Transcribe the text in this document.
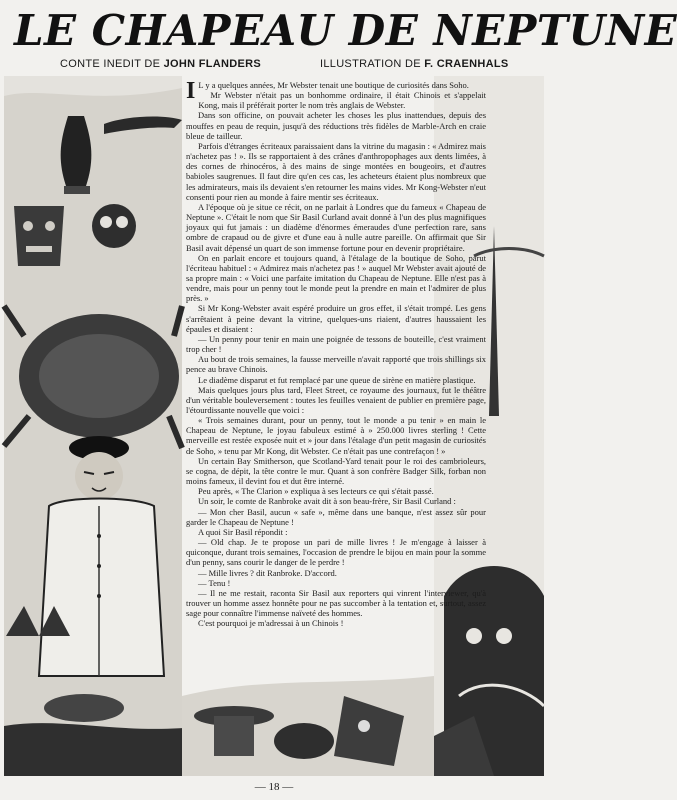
LE CHAPEAU DE NEPTUNE
CONTE INEDIT DE JOHN FLANDERS	ILLUSTRATION DE F. CRAENHALS

I L y a quelques années, Mr Webster tenait une boutique de curiosités dans Soho.

Mr Webster n'était pas un bonhomme ordinaire, il était Chinois et s'appelait Kong, mais il préférait porter le nom très anglais de Webster.

Dans son officine, on pouvait acheter les choses les plus inattendues, depuis des mouffes en peau de requin, jusqu'à des réductions très fidèles de Marble-Arch en craie bleue de tailleur.

Parfois d'étranges écriteaux paraissaient dans la vitrine du magasin : « Admirez mais n'achetez pas ! ». Ils se rapportaient à des crânes d'anthropophages aux dents limées, à des cornes de rhinocéros, à des mains de singe montées en bougeoirs, et d'autres babioles saugrenues. Il faut dire qu'en ces cas, les acheteurs étaient plus nombreux que les admirateurs, mais ils devaient s'en retourner les mains vides. Mr Kong-Webster n'eut consenti pour rien au monde à faire mentir ses écriteaux.

A l'époque où je situe ce récit, on ne parlait à Londres que du fameux « Chapeau de Neptune ». C'était le nom que Sir Basil Curland avait donné à l'un des plus magnifiques joyaux qui fut jamais : un diadème d'énormes émeraudes d'une perfection rare, sans ombre de crapaud ou de givre et d'une eau à nulle autre pareille. On affirmait que Sir Basil avait dépensé un quart de son immense fortune pour en devenir propriétaire.

On en parlait encore et toujours quand, à l'étalage de la boutique de Soho, parut l'écriteau habituel : « Admirez mais n'achetez pas ! » auquel Mr Webster avait ajouté de sa propre main : « Voici une parfaite imitation du Chapeau de Neptune. Elle n'est pas à vendre, mais pour un penny tout le monde peut la prendre en main et l'admirer de plus près. »

Si Mr Kong-Webster avait espéré produire un gros effet, il s'était trompé. Les gens s'arrêtaient à peine devant la vitrine, quelques-uns riaient, d'autres haussaient les épaules et disaient :

— Un penny pour tenir en main une poignée de tessons de bouteille, c'est vraiment trop cher !

Au bout de trois semaines, la fausse merveille n'avait rapporté que trois shillings six pence au brave Chinois.

Le diadème disparut et fut remplacé par une queue de sirène en matière plastique.

Mais quelques jours plus tard, Fleet Street, ce royaume des journaux, fut le théâtre d'un véritable bouleversement : toutes les feuilles venaient de publier en première page, l'étourdissante nouvelle que voici :

« Trois semaines durant, pour un penny, tout le monde a pu tenir » en main le Chapeau de Neptune, le joyau fabuleux estimé à » 250.000 livres sterling ! Cette merveille est restée exposée nuit et » jour dans l'étalage d'un petit magasin de curiosités de Soho, » tenu par Mr Kong, dit Webster. Ce n'était pas une contrefaçon ! »

Un certain Bay Smitherson, que Scotland-Yard tenait pour le roi des cambrioleurs, se cogna, de dépit, la tête contre le mur. Quant à son confrère Badger Silk, forban non moins fameux, il devint fou et dut être interné.

Peu après, « The Clarion » expliqua à ses lecteurs ce qui s'était passé.

Un soir, le comte de Ranbroke avait dit à son beau-frère, Sir Basil Curland :

— Mon cher Basil, aucun « safe », même dans une banque, n'est assez sûr pour garder le Chapeau de Neptune !

A quoi Sir Basil répondit :

— Old chap. Je te propose un pari de mille livres ! Je m'engage à laisser à quiconque, durant trois semaines, l'occasion de prendre le bijou en main pour la somme d'un penny, sans courir le danger de le perdre !

— Mille livres ? dit Ranbroke. D'accord.

— Tenu !

— Il ne me restait, raconta Sir Basil aux reporters qui vinrent l'interviewer, qu'à trouver un homme assez honnête pour ne pas succomber à la tentation et, surtout, assez sage pour connaître l'immense naïveté des hommes.

C'est pourquoi je m'adressai à un Chinois !

— 18 —
